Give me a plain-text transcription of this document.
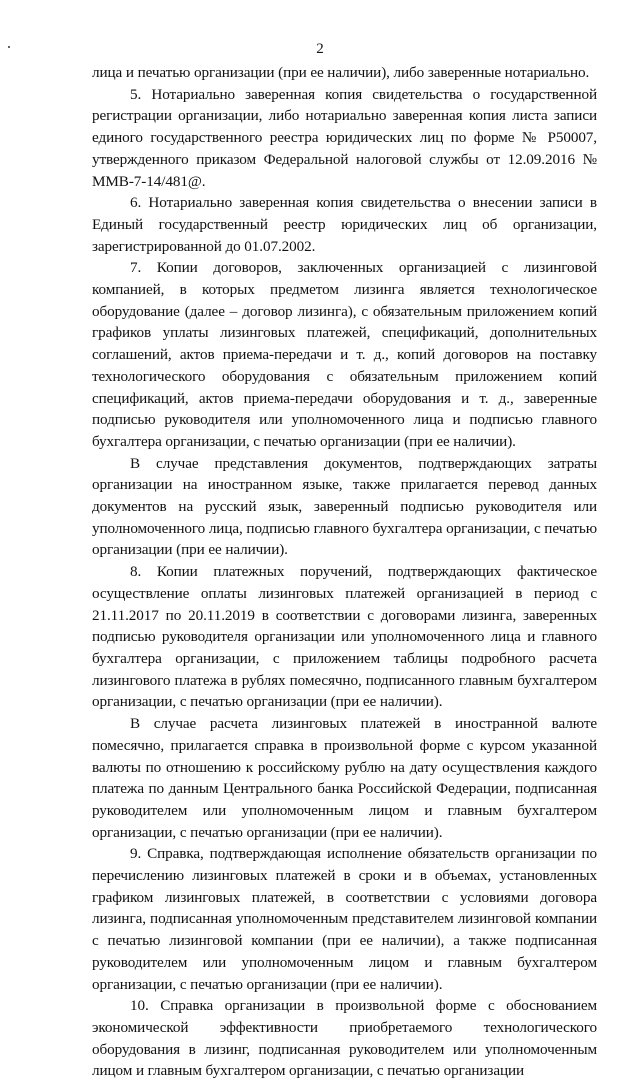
2

лица и печатью организации (при ее наличии), либо заверенные нотариально.

5. Нотариально заверенная копия свидетельства о государственной регистрации организации, либо нотариально заверенная копия листа записи единого государственного реестра юридических лиц по форме № Р50007, утвержденного приказом Федеральной налоговой службы от 12.09.2016 № ММВ-7-14/481@.

6. Нотариально заверенная копия свидетельства о внесении записи в Единый государственный реестр юридических лиц об организации, зарегистрированной до 01.07.2002.

7. Копии договоров, заключенных организацией с лизинговой компанией, в которых предметом лизинга является технологическое оборудование (далее – договор лизинга), с обязательным приложением копий графиков уплаты лизинговых платежей, спецификаций, дополнительных соглашений, актов приема-передачи и т. д., копий договоров на поставку технологического оборудования с обязательным приложением копий спецификаций, актов приема-передачи оборудования и т. д., заверенные подписью руководителя или уполномоченного лица и подписью главного бухгалтера организации, с печатью организации (при ее наличии).

В случае представления документов, подтверждающих затраты организации на иностранном языке, также прилагается перевод данных документов на русский язык, заверенный подписью руководителя или уполномоченного лица, подписью главного бухгалтера организации, с печатью организации (при ее наличии).

8. Копии платежных поручений, подтверждающих фактическое осуществление оплаты лизинговых платежей организацией в период с 21.11.2017 по 20.11.2019 в соответствии с договорами лизинга, заверенных подписью руководителя организации или уполномоченного лица и главного бухгалтера организации, с приложением таблицы подробного расчета лизингового платежа в рублях помесячно, подписанного главным бухгалтером организации, с печатью организации (при ее наличии).

В случае расчета лизинговых платежей в иностранной валюте помесячно, прилагается справка в произвольной форме с курсом указанной валюты по отношению к российскому рублю на дату осуществления каждого платежа по данным Центрального банка Российской Федерации, подписанная руководителем или уполномоченным лицом и главным бухгалтером организации, с печатью организации (при ее наличии).

9. Справка, подтверждающая исполнение обязательств организации по перечислению лизинговых платежей в сроки и в объемах, установленных графиком лизинговых платежей, в соответствии с условиями договора лизинга, подписанная уполномоченным представителем лизинговой компании с печатью лизинговой компании (при ее наличии), а также подписанная руководителем или уполномоченным лицом и главным бухгалтером организации, с печатью организации (при ее наличии).

10. Справка организации в произвольной форме с обоснованием экономической эффективности приобретаемого технологического оборудования в лизинг, подписанная руководителем или уполномоченным лицом и главным бухгалтером организации, с печатью организации
